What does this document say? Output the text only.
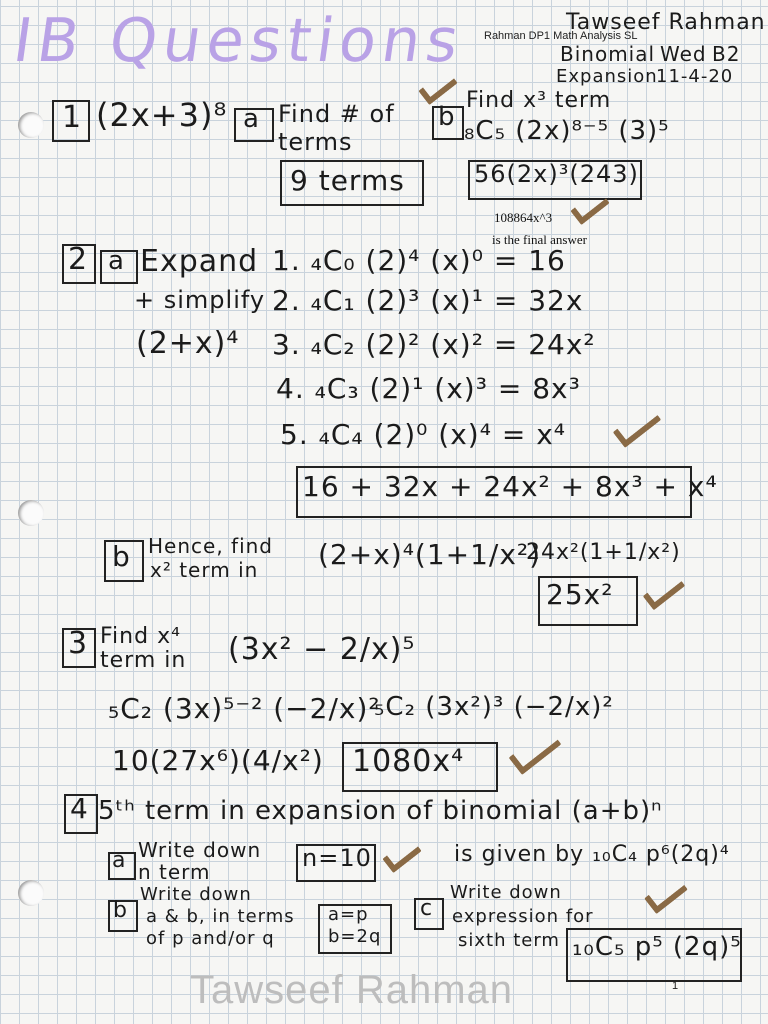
IB Questions Rahman DP1 Math Analysis SL
Tawseef Rahman
Binomial Wed B2
Expansion
11-4-20
1 (2x+3)⁸ a Find # of terms
9 terms
b
Find x³ term
₈C₅ (2x)⁸⁻⁵ (3)⁵
56(2x)³(243)
108864x^3
is the final answer
2 a Expand
+ simplify
(2+x)⁴
1. ₄C₀ (2)⁴ (x)⁰ = 16
2. ₄C₁ (2)³ (x)¹ = 32x
3. ₄C₂ (2)² (x)² = 24x²
4. ₄C₃ (2)¹ (x)³ = 8x³
5. ₄C₄ (2)⁰ (x)⁴ = x⁴
16 + 32x + 24x² + 8x³ + x⁴
b Hence, find
x² term in (2+x)⁴(1+1/x²)
24x²(1+1/x²)
25x²
3 Find x⁴
term in (3x² − 2/x)⁵
₅C₂ (3x)⁵⁻² (−2/x)²
₅C₂ (3x²)³ (−2/x)²
10(27x⁶)(4/x²) 1080x⁴
4 5ᵗʰ term in expansion of binomial (a+b)ⁿ
a Write down
n term	n=10	is given by ₁₀C₄ p⁶(2q)⁴
b
Write down
a & b, in terms
of p and/or q
a=p
b=2q
c
Write down
expression for
sixth term ₁₀C₅ p⁵ (2q)⁵
Tawseef Rahman	1
